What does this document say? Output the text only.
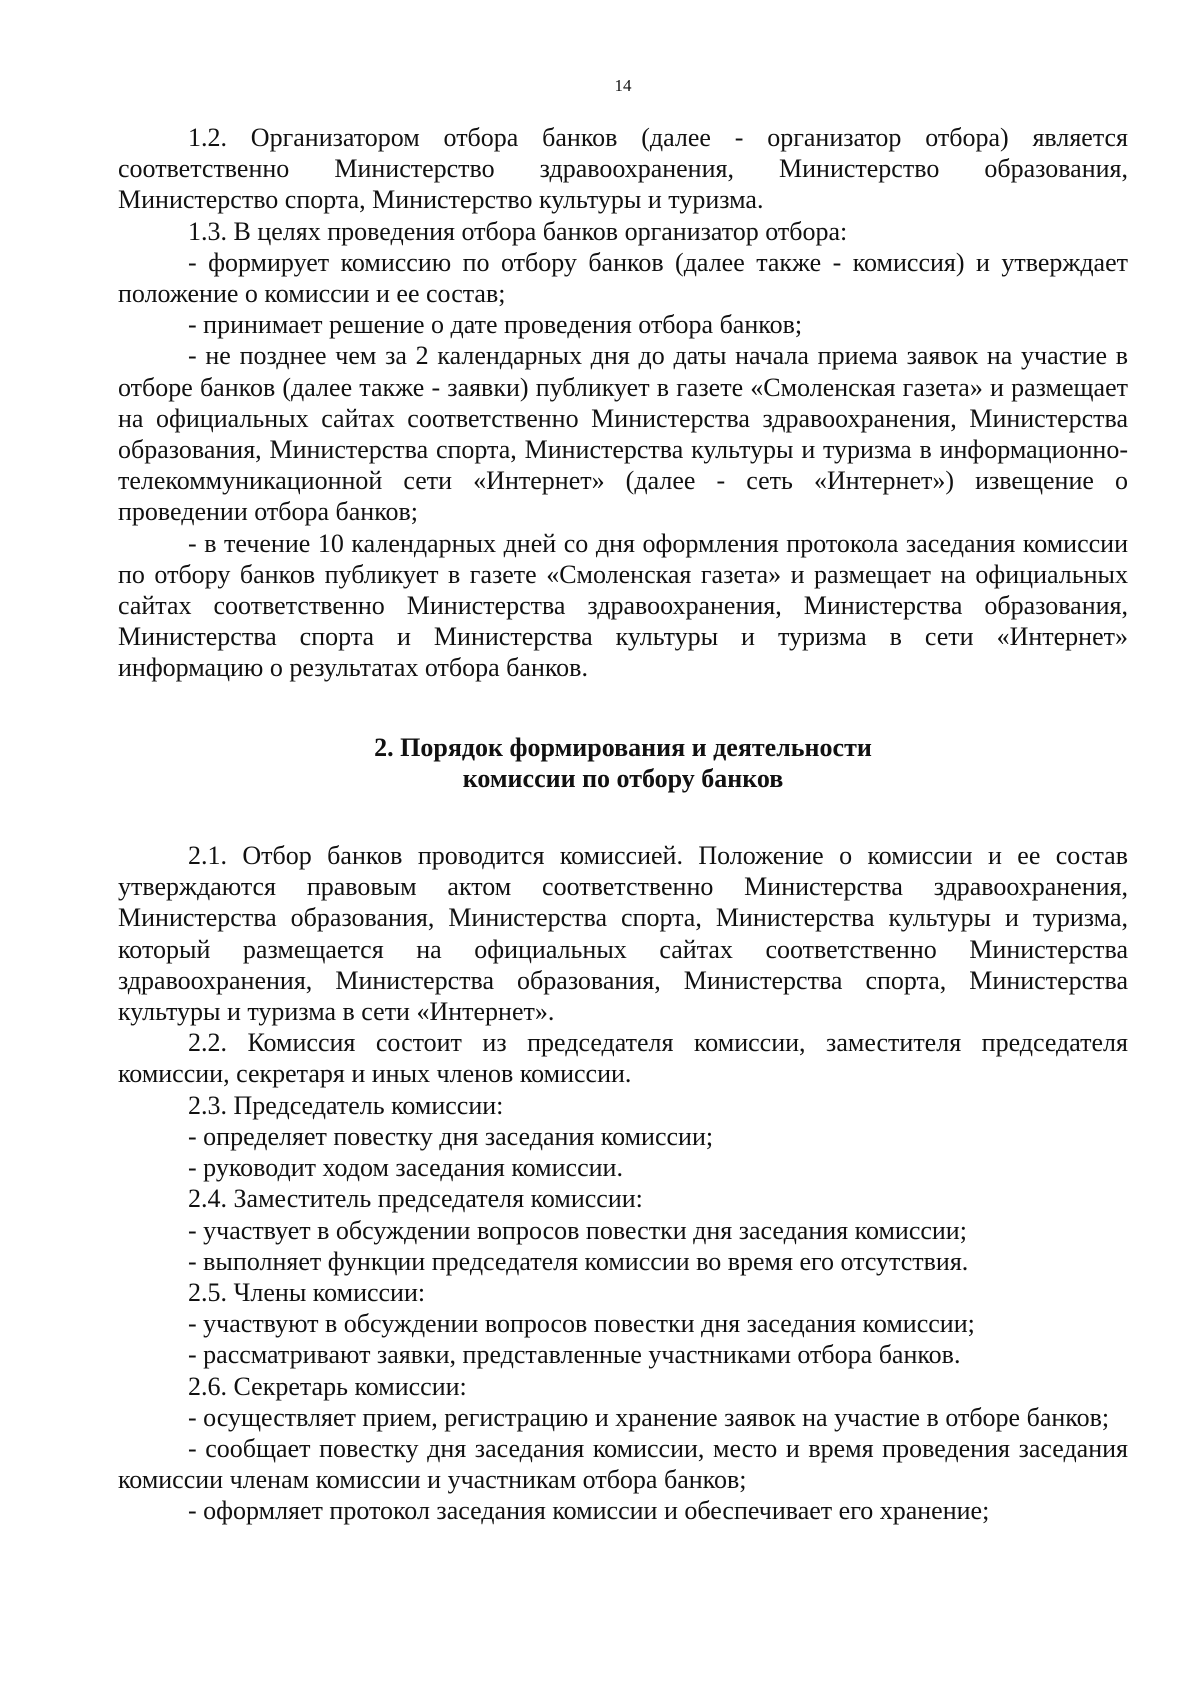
14

1.2. Организатором отбора банков (далее - организатор отбора) является соответственно Министерство здравоохранения, Министерство образования, Министерство спорта, Министерство культуры и туризма.

1.3. В целях проведения отбора банков организатор отбора:

- формирует комиссию по отбору банков (далее также - комиссия) и утверждает положение о комиссии и ее состав;

- принимает решение о дате проведения отбора банков;

- не позднее чем за 2 календарных дня до даты начала приема заявок на участие в отборе банков (далее также - заявки) публикует в газете «Смоленская газета» и размещает на официальных сайтах соответственно Министерства здравоохранения, Министерства образования, Министерства спорта, Министерства культуры и туризма в информационно-телекоммуникационной сети «Интернет» (далее - сеть «Интернет») извещение о проведении отбора банков;

- в течение 10 календарных дней со дня оформления протокола заседания комиссии по отбору банков публикует в газете «Смоленская газета» и размещает на официальных сайтах соответственно Министерства здравоохранения, Министерства образования, Министерства спорта и Министерства культуры и туризма в сети «Интернет» информацию о результатах отбора банков.

2. Порядок формирования и деятельности
комиссии по отбору банков

2.1. Отбор банков проводится комиссией. Положение о комиссии и ее состав утверждаются правовым актом соответственно Министерства здравоохранения, Министерства образования, Министерства спорта, Министерства культуры и туризма, который размещается на официальных сайтах соответственно Министерства здравоохранения, Министерства образования, Министерства спорта, Министерства культуры и туризма в сети «Интернет».

2.2. Комиссия состоит из председателя комиссии, заместителя председателя комиссии, секретаря и иных членов комиссии.

2.3. Председатель комиссии:

- определяет повестку дня заседания комиссии;

- руководит ходом заседания комиссии.

2.4. Заместитель председателя комиссии:

- участвует в обсуждении вопросов повестки дня заседания комиссии;

- выполняет функции председателя комиссии во время его отсутствия.

2.5. Члены комиссии:

- участвуют в обсуждении вопросов повестки дня заседания комиссии;

- рассматривают заявки, представленные участниками отбора банков.

2.6. Секретарь комиссии:

- осуществляет прием, регистрацию и хранение заявок на участие в отборе банков;

- сообщает повестку дня заседания комиссии, место и время проведения заседания комиссии членам комиссии и участникам отбора банков;

- оформляет протокол заседания комиссии и обеспечивает его хранение;
